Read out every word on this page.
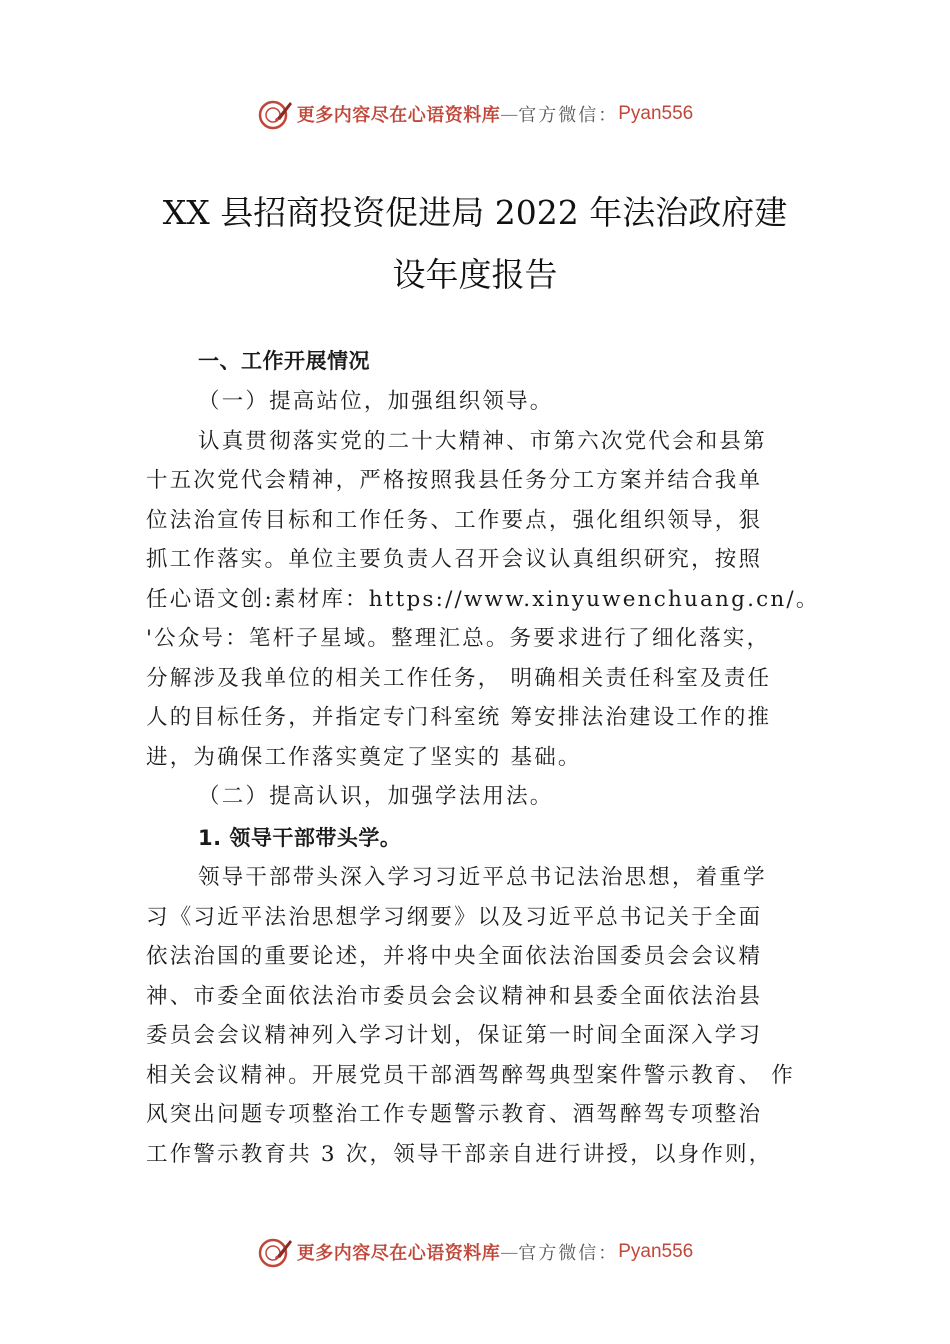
更多内容尽在心语资料库 — 官方微信： Pyan556
XX 县招商投资促进局 2022 年法治政府建
设年度报告
一、工作开展情况
（一）提高站位，加强组织领导。
认真贯彻落实党的二十大精神、市第六次党代会和县第
十五次党代会精神，严格按照我县任务分工方案并结合我单
位法治宣传目标和工作任务、工作要点，强化组织领导，狠
抓工作落实。单位主要负责人召开会议认真组织研究，按照
任心语文创:素材库：https://www.xinyuwenchuang.cn/。
'公众号：笔杆子星域。整理汇总。务要求进行了细化落实，
分解涉及我单位的相关工作任务， 明确相关责任科室及责任
人的目标任务，并指定专门科室统 筹安排法治建设工作的推
进，为确保工作落实奠定了坚实的 基础。
（二）提高认识，加强学法用法。
1. 领导干部带头学。
领导干部带头深入学习习近平总书记法治思想，着重学
习《习近平法治思想学习纲要》以及习近平总书记关于全面
依法治国的重要论述，并将中央全面依法治国委员会会议精
神、市委全面依法治市委员会会议精神和县委全面依法治县
委员会会议精神列入学习计划，保证第一时间全面深入学习
相关会议精神。开展党员干部酒驾醉驾典型案件警示教育、 作
风突出问题专项整治工作专题警示教育、酒驾醉驾专项整治
工作警示教育共 3 次，领导干部亲自进行讲授，以身作则，
更多内容尽在心语资料库 — 官方微信： Pyan556
